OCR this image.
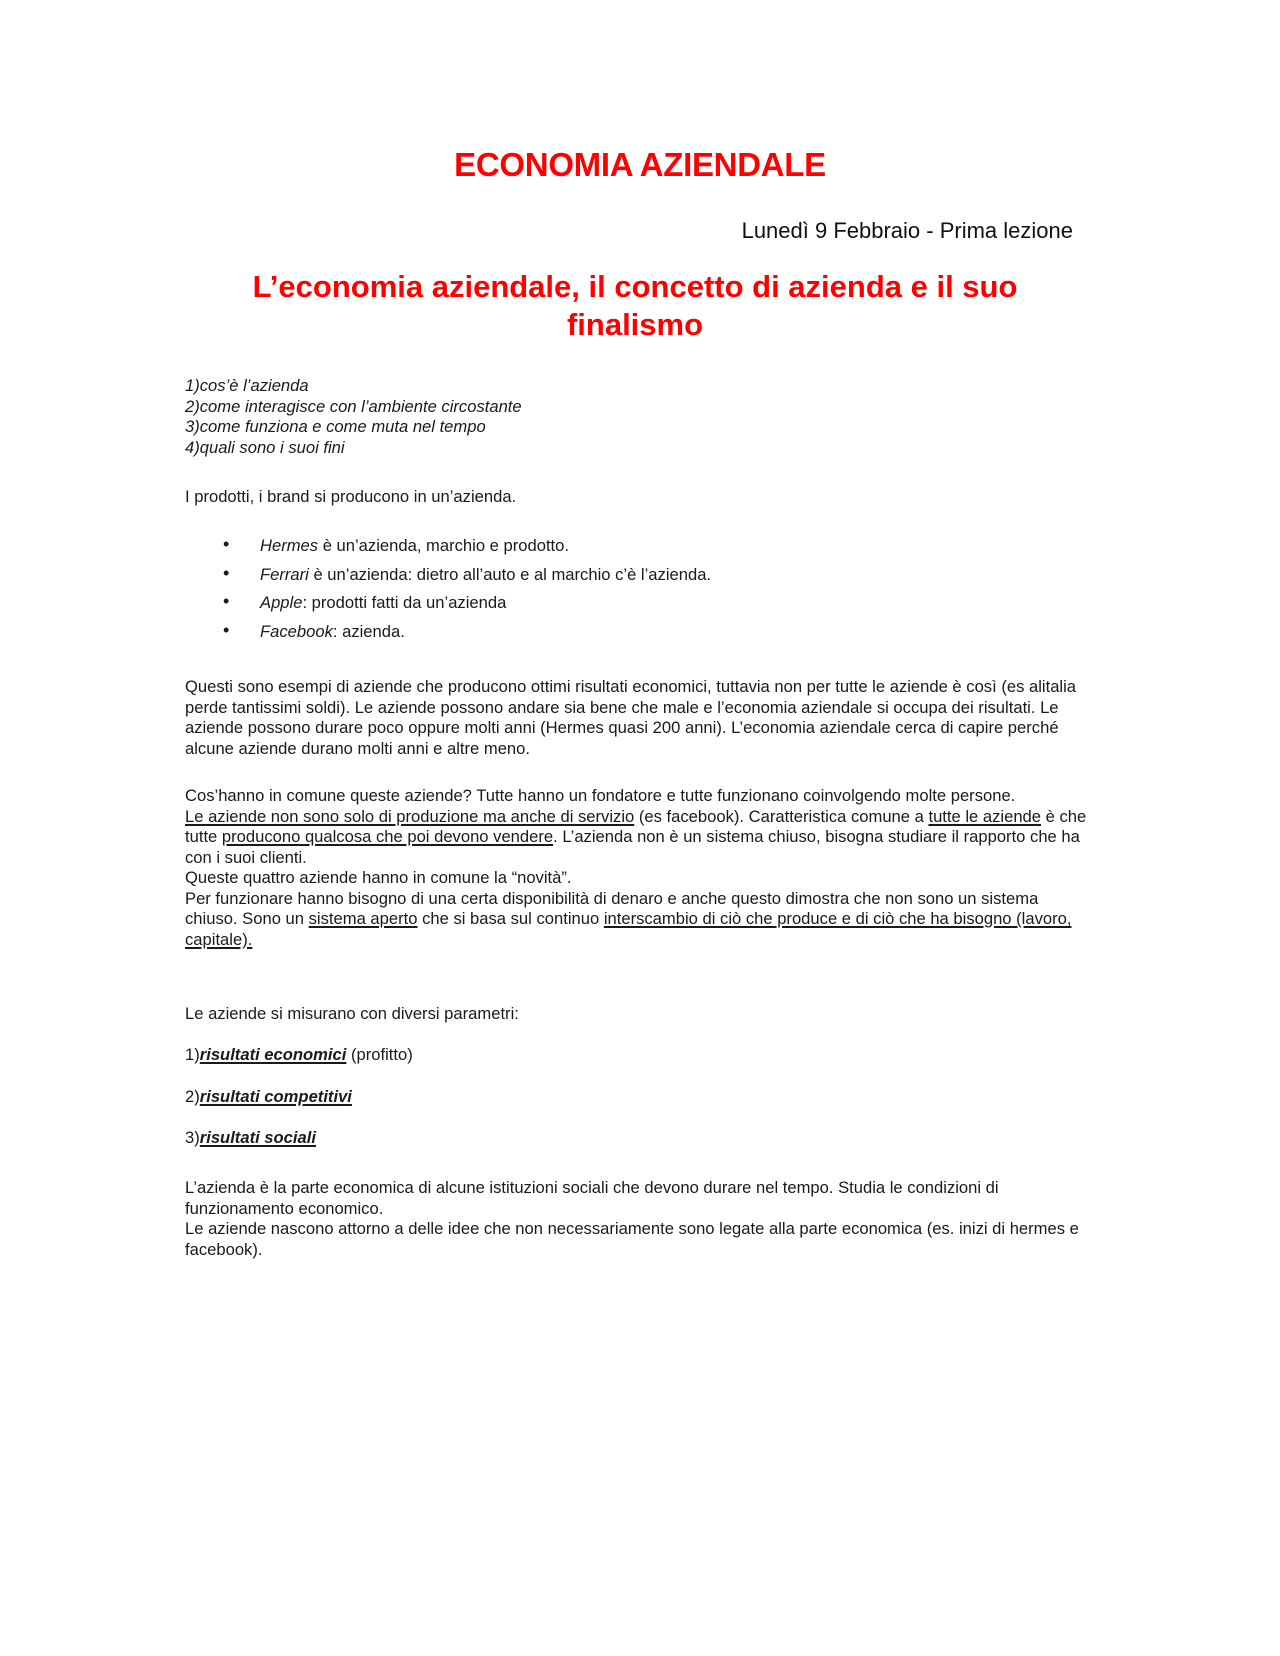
ECONOMIA AZIENDALE

Lunedì 9 Febbraio - Prima lezione

L’economia aziendale, il concetto di azienda e il suo
finalismo
1)cos’è l’azienda
2)come interagisce con l’ambiente circostante
3)come funziona e come muta nel tempo
4)quali sono i suoi fini

I prodotti, i brand si producono in un’azienda.

• Hermes è un’azienda, marchio e prodotto.
• Ferrari è un’azienda: dietro all’auto e al marchio c’è l’azienda.
• Apple: prodotti fatti da un’azienda
• Facebook: azienda.

Questi sono esempi di aziende che producono ottimi risultati economici, tuttavia non per tutte le aziende è così (es alitalia perde tantissimi soldi). Le aziende possono andare sia bene che male e l’economia aziendale si occupa dei risultati. Le aziende possono durare poco oppure molti anni (Hermes quasi 200 anni). L’economia aziendale cerca di capire perché alcune aziende durano molti anni e altre meno.

Cos’hanno in comune queste aziende? Tutte hanno un fondatore e tutte funzionano coinvolgendo molte persone.
Le aziende non sono solo di produzione ma anche di servizio (es facebook). Caratteristica comune a tutte le aziende è che tutte producono qualcosa che poi devono vendere. L’azienda non è un sistema chiuso, bisogna studiare il rapporto che ha con i suoi clienti.
Queste quattro aziende hanno in comune la “novità”.
Per funzionare hanno bisogno di una certa disponibilità di denaro e anche questo dimostra che non sono un sistema chiuso. Sono un sistema aperto che si basa sul continuo interscambio di ciò che produce e di ciò che ha bisogno (lavoro, capitale).

Le aziende si misurano con diversi parametri:

1)risultati economici (profitto)
2)risultati competitivi
3)risultati sociali

L’azienda è la parte economica di alcune istituzioni sociali che devono durare nel tempo. Studia le condizioni di funzionamento economico.
Le aziende nascono attorno a delle idee che non necessariamente sono legate alla parte economica (es. inizi di hermes e facebook).
